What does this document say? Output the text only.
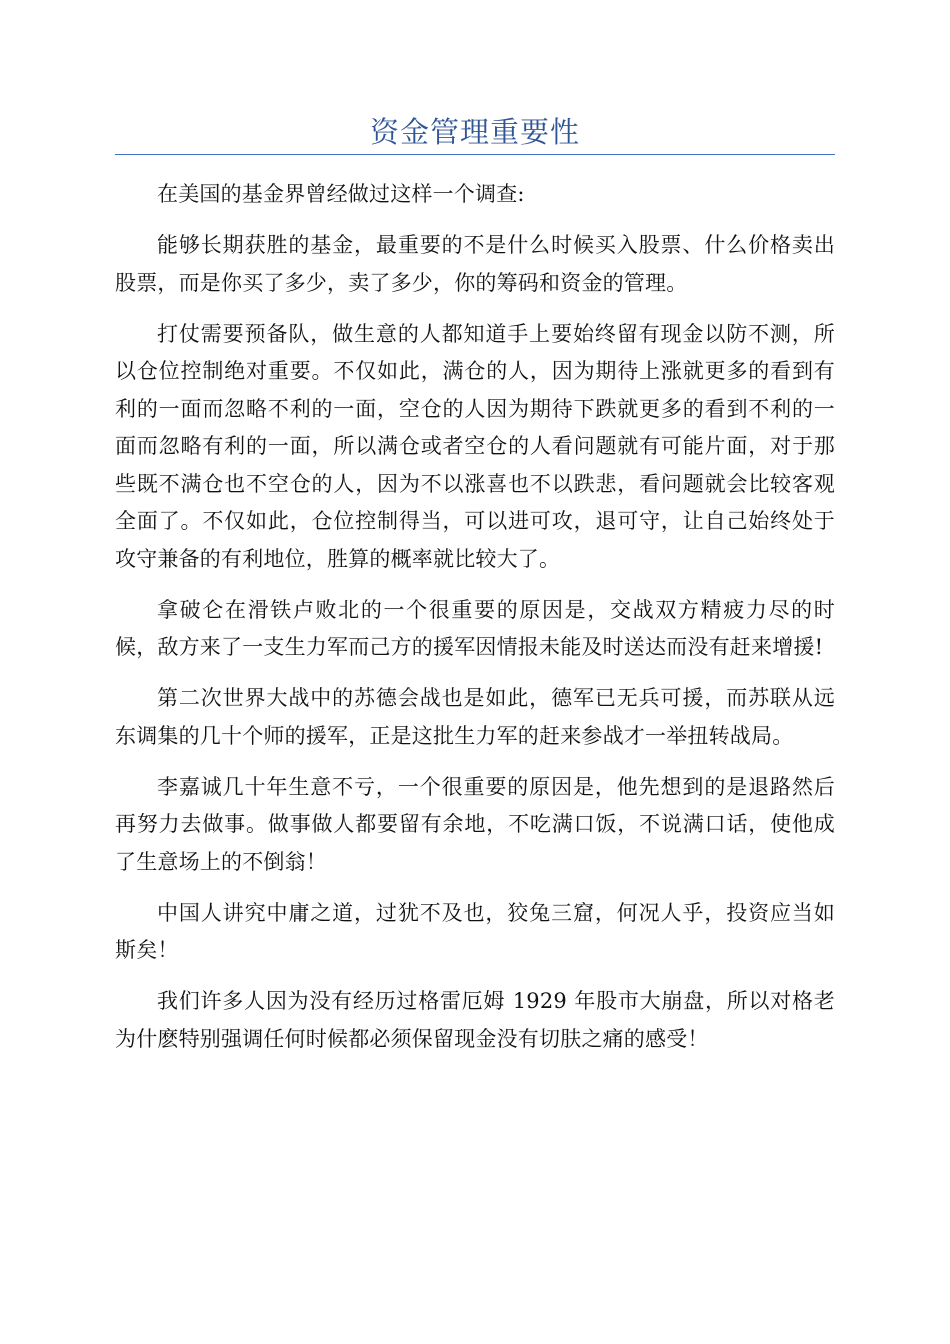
资金管理重要性

在美国的基金界曾经做过这样一个调查:

能够长期获胜的基金，最重要的不是什么时候买入股票、什么价格卖出股票，而是你买了多少，卖了多少，你的筹码和资金的管理。

打仗需要预备队，做生意的人都知道手上要始终留有现金以防不测，所以仓位控制绝对重要。不仅如此，满仓的人，因为期待上涨就更多的看到有利的一面而忽略不利的一面，空仓的人因为期待下跌就更多的看到不利的一面而忽略有利的一面，所以满仓或者空仓的人看问题就有可能片面，对于那些既不满仓也不空仓的人，因为不以涨喜也不以跌悲，看问题就会比较客观全面了。不仅如此，仓位控制得当，可以进可攻，退可守，让自己始终处于攻守兼备的有利地位，胜算的概率就比较大了。

拿破仑在滑铁卢败北的一个很重要的原因是，交战双方精疲力尽的时候，敌方来了一支生力军而己方的援军因情报未能及时送达而没有赶来增援!

第二次世界大战中的苏德会战也是如此，德军已无兵可援，而苏联从远东调集的几十个师的援军，正是这批生力军的赶来参战才一举扭转战局。

李嘉诚几十年生意不亏，一个很重要的原因是，他先想到的是退路然后再努力去做事。做事做人都要留有余地，不吃满口饭，不说满口话，使他成了生意场上的不倒翁！

中国人讲究中庸之道，过犹不及也，狡兔三窟，何况人乎，投资应当如斯矣！

我们许多人因为没有经历过格雷厄姆 1929 年股市大崩盘，所以对格老为什麽特别强调任何时候都必须保留现金没有切肤之痛的感受！
